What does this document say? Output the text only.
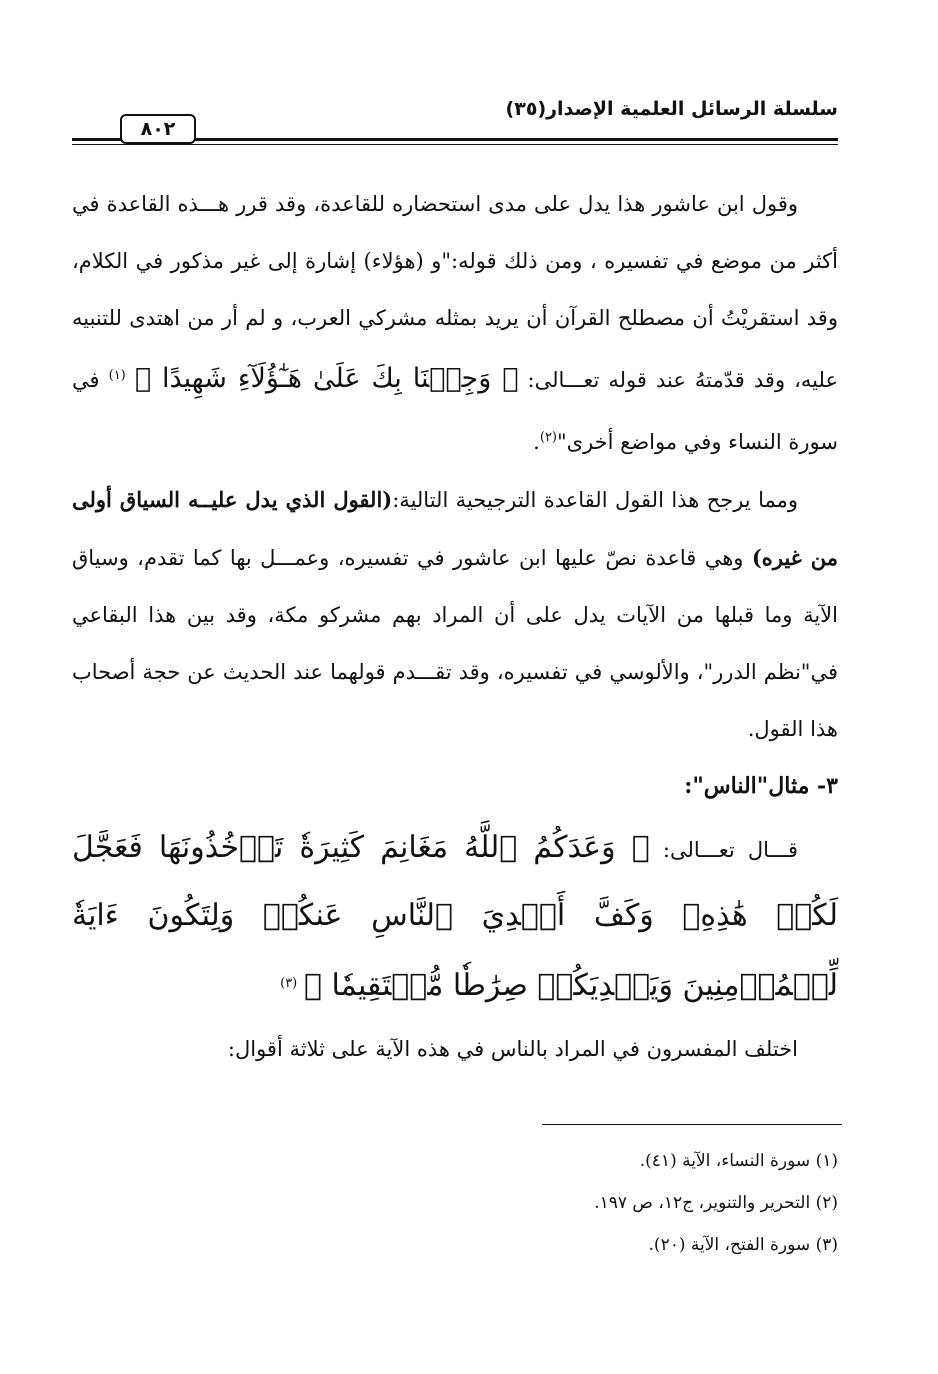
سلسلة الرسائل العلمية الإصدار(٣٥)
٨٠٢

وقول ابن عاشور هذا يدل على مدى استحضاره للقاعدة، وقد قرر هـــذه القاعدة في أكثر من موضع في تفسيره ، ومن ذلك قوله:"و (هؤلاء) إشارة إلى غير مذكور في الكلام، وقد استقريْتُ أن مصطلح القرآن أن يريد بمثله مشركي العرب، و لم أر من اهتدى للتنبيه عليه، وقد قدّمتهُ عند قوله تعـــالى: ﴿ وَجِئۡنَا بِكَ عَلَىٰ هَـٰٓؤُلَآءِ شَهِيدًا ﴾ $^{(١)}$ في سورة النساء وفي مواضع أخرى"$^{(٢)}$.

ومما يرجح هذا القول القاعدة الترجيحية التالية:(القول الذي يدل عليــه السياق أولى من غيره) وهي قاعدة نصّ عليها ابن عاشور في تفسيره، وعمـــل بها كما تقدم، وسياق الآية وما قبلها من الآيات يدل على أن المراد بهم مشركو مكة، وقد بين هذا البقاعي في"نظم الدرر"، والألوسي في تفسيره، وقد تقـــدم قولهما عند الحديث عن حجة أصحاب هذا القول.

٣- مثال"الناس":

قـــال تعـــالى: ﴿ وَعَدَكُمُ ٱللَّهُ مَغَانِمَ كَثِيرَةٗ تَأۡخُذُونَهَا فَعَجَّلَ لَكُمۡ هَٰذِهِۦ وَكَفَّ أَيۡدِيَ ٱلنَّاسِ عَنكُمۡ وَلِتَكُونَ ءَايَةٗ لِّلۡمُؤۡمِنِينَ وَيَهۡدِيَكُمۡ صِرَٰطٗا مُّسۡتَقِيمٗا ﴾ $^{(٣)}$

اختلف المفسرون في المراد بالناس في هذه الآية على ثلاثة أقوال:

(١) سورة النساء، الآية (٤١).

(٢) التحرير والتنوير، ج١٢، ص ١٩٧.

(٣) سورة الفتح، الآية (٢٠).
